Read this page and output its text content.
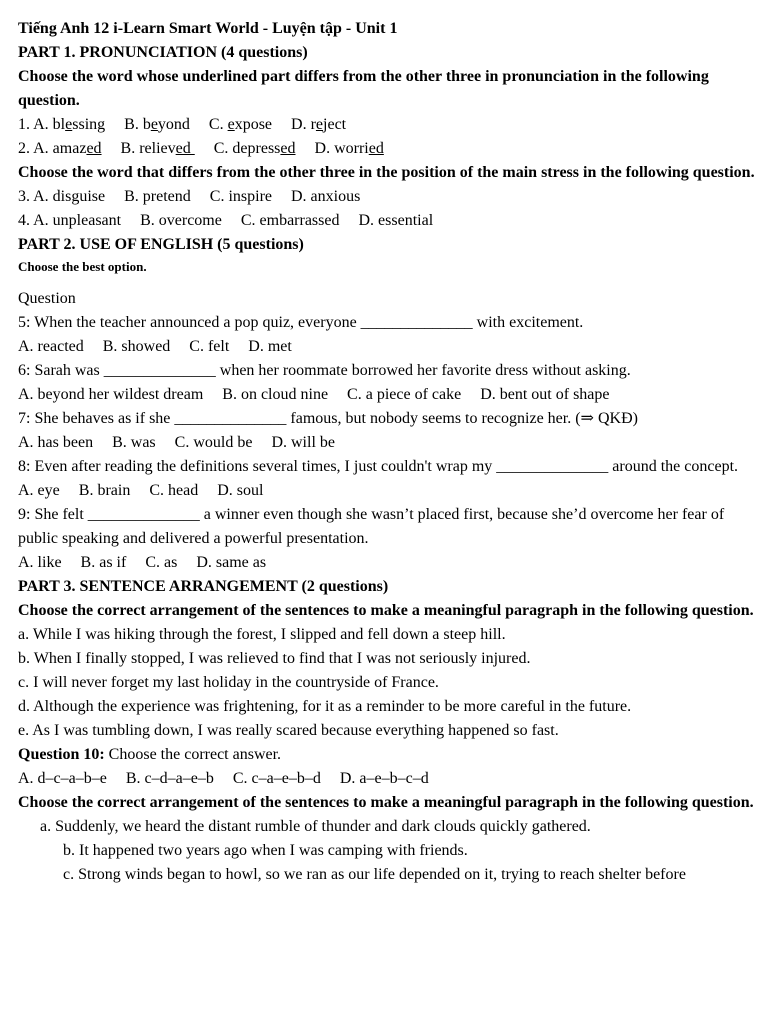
Tiếng Anh 12 i-Learn Smart World - Luyện tập - Unit 1
PART 1. PRONUNCIATION (4 questions)
Choose the word whose underlined part differs from the other three in pronunciation in the following question.
1. A. blessing B. beyond C. expose D. reject
2. A. amazed B. relieved C. depressed D. worried
Choose the word that differs from the other three in the position of the main stress in the following question.
3. A. disguise B. pretend C. inspire D. anxious
4. A. unpleasant B. overcome C. embarrassed D. essential
PART 2. USE OF ENGLISH (5 questions)
Choose the best option.
Question
5: When the teacher announced a pop quiz, everyone ______________ with excitement.
A. reacted B. showed C. felt D. met
6: Sarah was ______________ when her roommate borrowed her favorite dress without asking.
A. beyond her wildest dream B. on cloud nine C. a piece of cake D. bent out of shape
7: She behaves as if she ______________ famous, but nobody seems to recognize her. (⇒ QKĐ)
A. has been B. was C. would be D. will be
8: Even after reading the definitions several times, I just couldn't wrap my ______________ around the concept.
A. eye B. brain C. head D. soul
9: She felt ______________ a winner even though she wasn’t placed first, because she’d overcome her fear of public speaking and delivered a powerful presentation.
A. like B. as if C. as D. same as
PART 3. SENTENCE ARRANGEMENT (2 questions)
Choose the correct arrangement of the sentences to make a meaningful paragraph in the following question.
a. While I was hiking through the forest, I slipped and fell down a steep hill.
b. When I finally stopped, I was relieved to find that I was not seriously injured.
c. I will never forget my last holiday in the countryside of France.
d. Although the experience was frightening, for it as a reminder to be more careful in the future.
e. As I was tumbling down, I was really scared because everything happened so fast.
Question 10: Choose the correct answer.
A. d–c–a–b–e B. c–d–a–e–b C. c–a–e–b–d D. a–e–b–c–d
Choose the correct arrangement of the sentences to make a meaningful paragraph in the following question.
a. Suddenly, we heard the distant rumble of thunder and dark clouds quickly gathered.
b. It happened two years ago when I was camping with friends.
c. Strong winds began to howl, so we ran as our life depended on it, trying to reach shelter before
